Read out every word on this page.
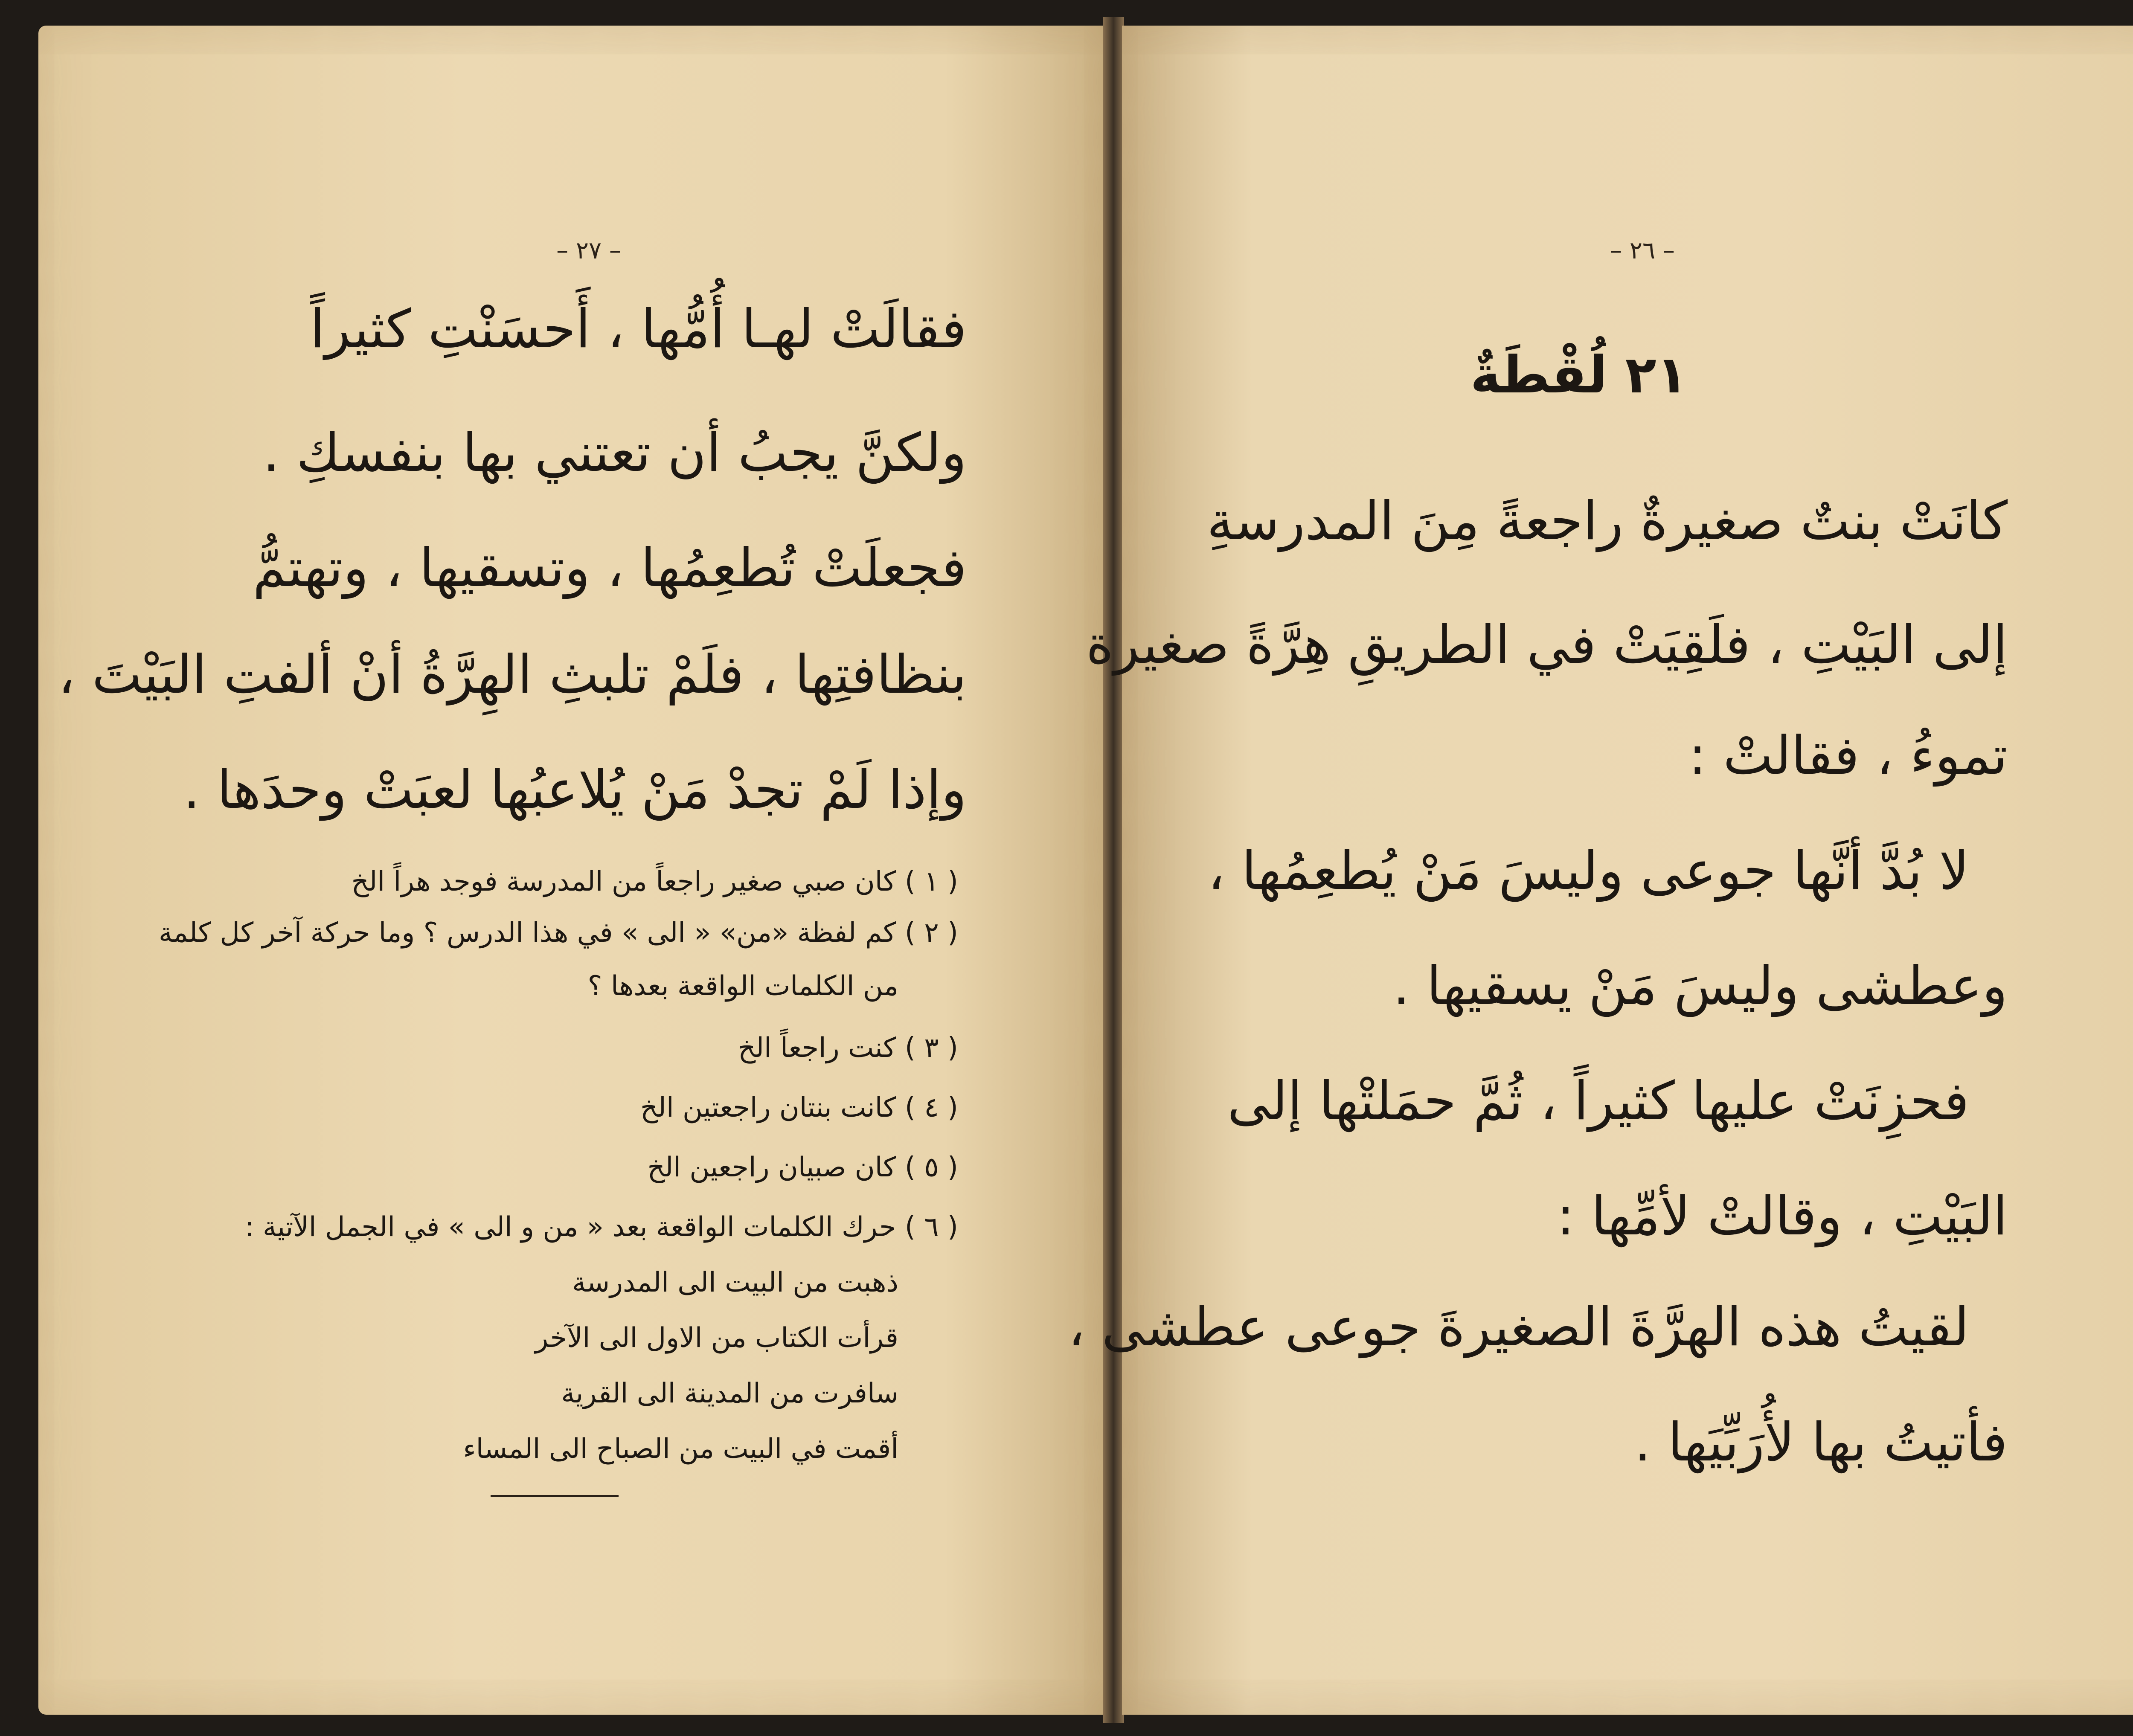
– ٢٧ –
فقالَتْ لهـا أُمُّها ، أَحسَنْتِ كثيراً
ولكنَّ يجبُ أن تعتني بها بنفسكِ .
فجعلَتْ تُطعِمُها ، وتسقيها ، وتهتمُّ
بنظافتِها ، فلَمْ تلبثِ الهِرَّةُ أنْ ألفتِ البَيْتَ ،
وإذا لَمْ تجدْ مَنْ يُلاعبُها لعبَتْ وحدَها .
( ١ ) كان صبي صغير راجعاً من المدرسة فوجد هراً الخ
( ٢ ) كم لفظة «من» « الى » في هذا الدرس ؟ وما حركة آخر كل كلمة
من الكلمات الواقعة بعدها ؟
( ٣ ) كنت راجعاً الخ
( ٤ ) كانت بنتان راجعتين الخ
( ٥ ) كان صبيان راجعين الخ
( ٦ ) حرك الكلمات الواقعة بعد « من و الى » في الجمل الآتية :
ذهبت من البيت الى المدرسة
قرأت الكتاب من الاول الى الآخر
سافرت من المدينة الى القرية
أقمت في البيت من الصباح الى المساء
– ٢٦ –
٢١ لُقْطَةٌ
كانَتْ بنتٌ صغيرةٌ راجعةً مِنَ المدرسةِ
إلى البَيْتِ ، فلَقِيَتْ في الطريقِ هِرَّةً صغيرة
تموءُ ، فقالتْ :
لا بُدَّ أنَّها جوعى وليسَ مَنْ يُطعِمُها ،
وعطشى وليسَ مَنْ يسقيها .
فحزِنَتْ عليها كثيراً ، ثُمَّ حمَلتْها إلى
البَيْتِ ، وقالتْ لأمِّها :
لقيتُ هذه الهرَّةَ الصغيرةَ جوعى عطشى ،
فأتيتُ بها لأُرَبِّيَها .
